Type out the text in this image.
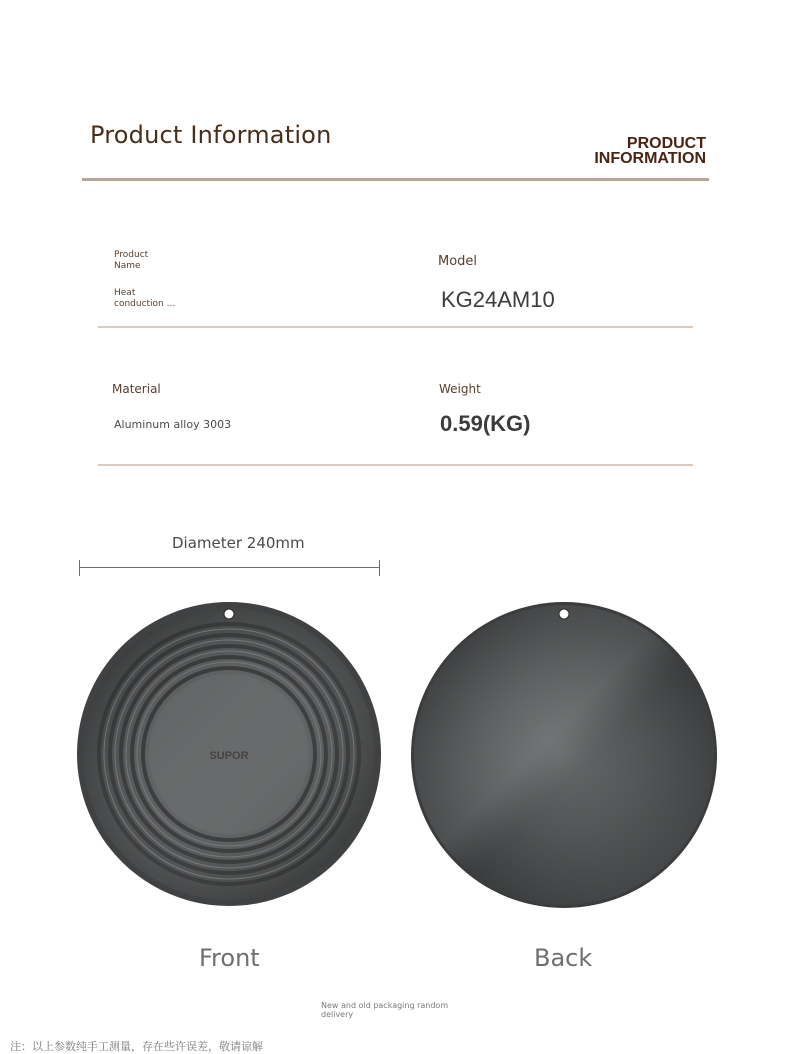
Product Information	PRODUCT
INFORMATION
Product
Name
Heat
conduction ...
Model
KG24AM10
Material
Aluminum alloy 3003
Weight
0.59(KG)
Diameter 240mm
SUPOR
Front	Back
New and old packaging random
delivery
注：以上参数纯手工测量，存在些许误差，敬请谅解
